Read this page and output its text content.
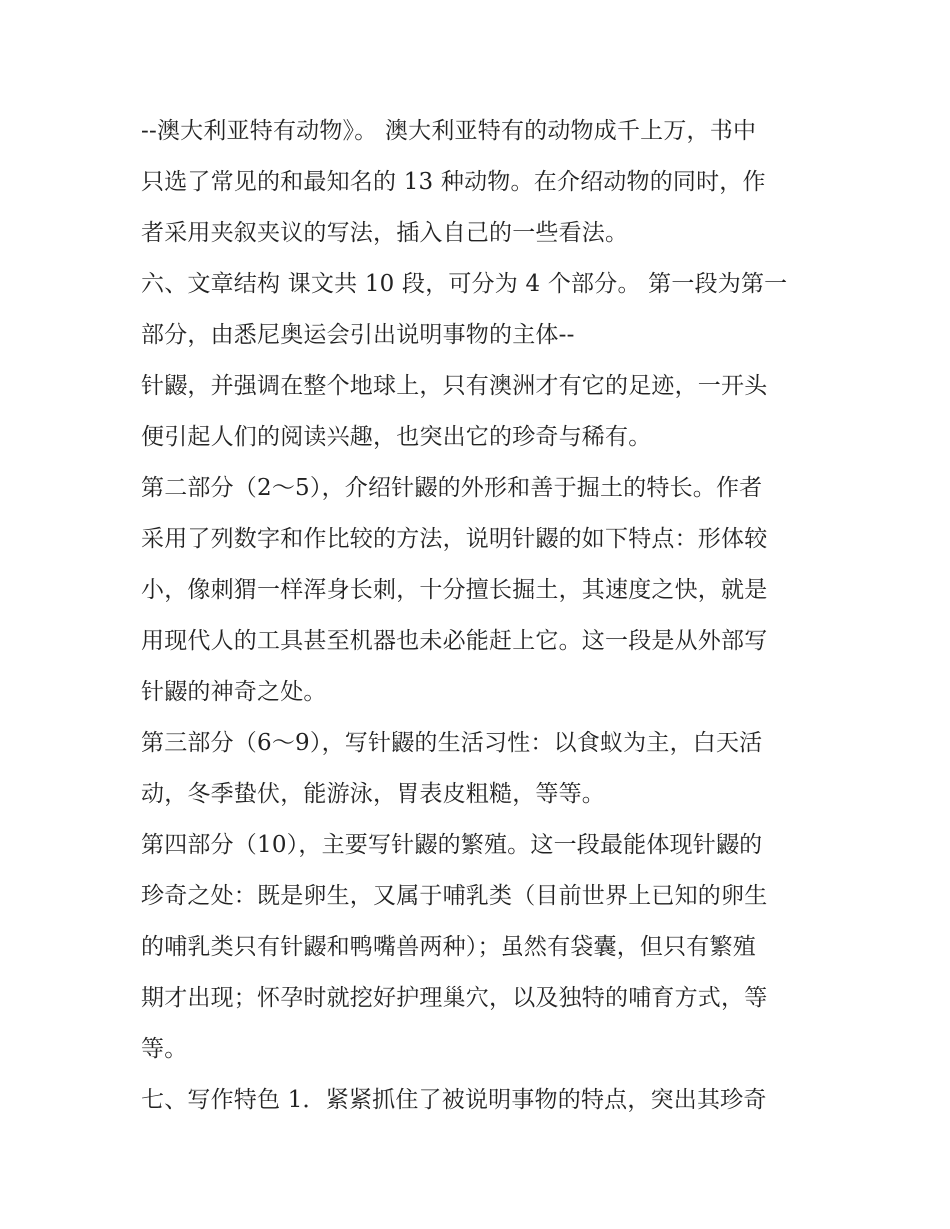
--澳大利亚特有动物》。 澳大利亚特有的动物成千上万，书中
只选了常见的和最知名的 13 种动物。在介绍动物的同时，作
者采用夹叙夹议的写法，插入自己的一些看法。
六、文章结构 课文共 10 段，可分为 4 个部分。 第一段为第一
部分，由悉尼奥运会引出说明事物的主体--
针鼹，并强调在整个地球上，只有澳洲才有它的足迹，一开头
便引起人们的阅读兴趣，也突出它的珍奇与稀有。
第二部分（2～5），介绍针鼹的外形和善于掘土的特长。作者
采用了列数字和作比较的方法，说明针鼹的如下特点：形体较
小，像刺猬一样浑身长刺，十分擅长掘土，其速度之快，就是
用现代人的工具甚至机器也未必能赶上它。这一段是从外部写
针鼹的神奇之处。
第三部分（6～9），写针鼹的生活习性：以食蚁为主，白天活
动，冬季蛰伏，能游泳，胃表皮粗糙，等等。
第四部分（10），主要写针鼹的繁殖。这一段最能体现针鼹的
珍奇之处：既是卵生，又属于哺乳类（目前世界上已知的卵生
的哺乳类只有针鼹和鸭嘴兽两种）；虽然有袋囊，但只有繁殖
期才出现；怀孕时就挖好护理巢穴，以及独特的哺育方式，等
等。
七、写作特色 1．紧紧抓住了被说明事物的特点，突出其珍奇
